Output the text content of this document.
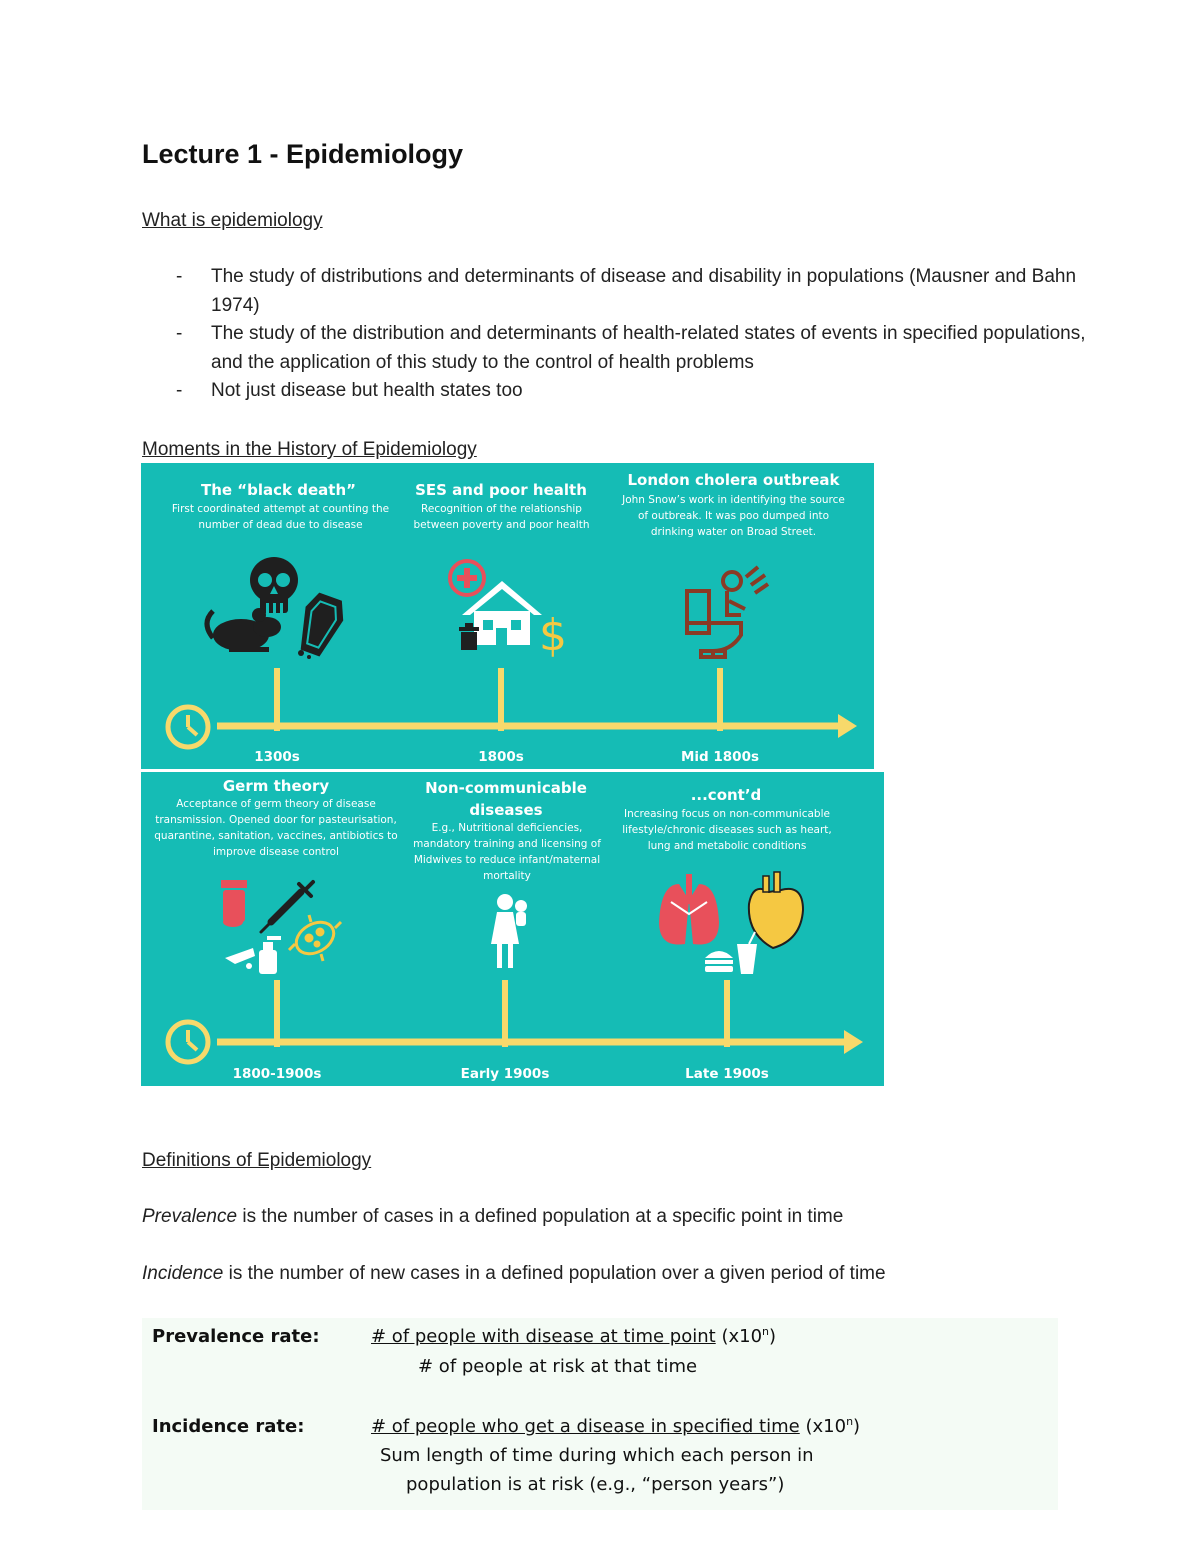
Lecture 1 - Epidemiology
What is epidemiology
- The study of distributions and determinants of disease and disability in populations (Mausner and Bahn 1974)
- The study of the distribution and determinants of health-related states of events in specified populations, and the application of this study to the control of health problems
- Not just disease but health states too
Moments in the History of Epidemiology
The “black death”
First coordinated attempt at counting the number of dead due to disease
SES and poor health
Recognition of the relationship between poverty and poor health
London cholera outbreak
John Snow’s work in identifying the source of outbreak. It was poo dumped into drinking water on Broad Street.
$
1300s	1800s	Mid 1800s
Germ theory
Acceptance of germ theory of disease transmission. Opened door for pasteurisation, quarantine, sanitation, vaccines, antibiotics to improve disease control
Non-communicable diseases
E.g., Nutritional deficiencies, mandatory training and licensing of Midwives to reduce infant/maternal mortality
...cont’d
Increasing focus on non-communicable lifestyle/chronic diseases such as heart, lung and metabolic conditions
1800-1900s	Early 1900s	Late 1900s
Definitions of Epidemiology
Prevalence is the number of cases in a defined population at a specific point in time
Incidence is the number of new cases in a defined population over a given period of time
Prevalence rate:	# of people with disease at time point (x10$^n$)
# of people at risk at that time
Incidence rate:	# of people who get a disease in specified time (x10$^n$)
Sum length of time during which each person in
population is at risk (e.g., “person years”)
